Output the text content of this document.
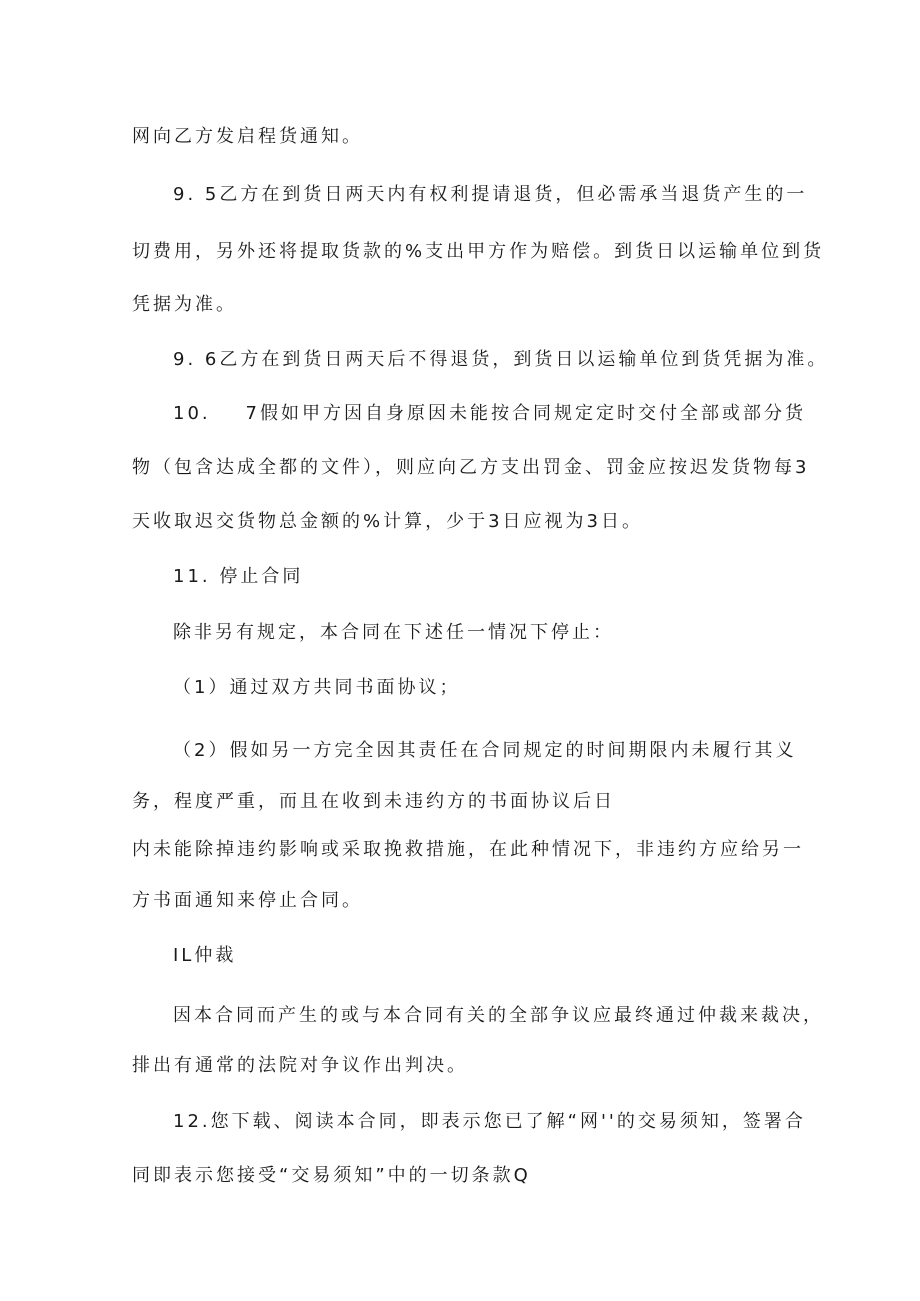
网向乙方发启程货通知。
9. 5乙方在到货日两天内有权利提请退货，但必需承当退货产生的一
切费用，另外还将提取货款的%支出甲方作为赔偿。到货日以运输单位到货
凭据为准。
9. 6乙方在到货日两天后不得退货，到货日以运输单位到货凭据为准。
10.    7假如甲方因自身原因未能按合同规定定时交付全部或部分货
物（包含达成全都的文件），则应向乙方支出罚金、罚金应按迟发货物每3
天收取迟交货物总金额的%计算，少于3日应视为3日。
11. 停止合同
除非另有规定，本合同在下述任一情况下停止：
（1）通过双方共同书面协议；
（2）假如另一方完全因其责任在合同规定的时间期限内未履行其义
务，程度严重，而且在收到未违约方的书面协议后日
内未能除掉违约影响或采取挽救措施，在此种情况下，非违约方应给另一
方书面通知来停止合同。
IL仲裁
因本合同而产生的或与本合同有关的全部争议应最终通过仲裁来裁决，
排出有通常的法院对争议作出判决。
12.您下载、阅读本合同，即表示您已了解“网''的交易须知，签署合
同即表示您接受“交易须知”中的一切条款Q
